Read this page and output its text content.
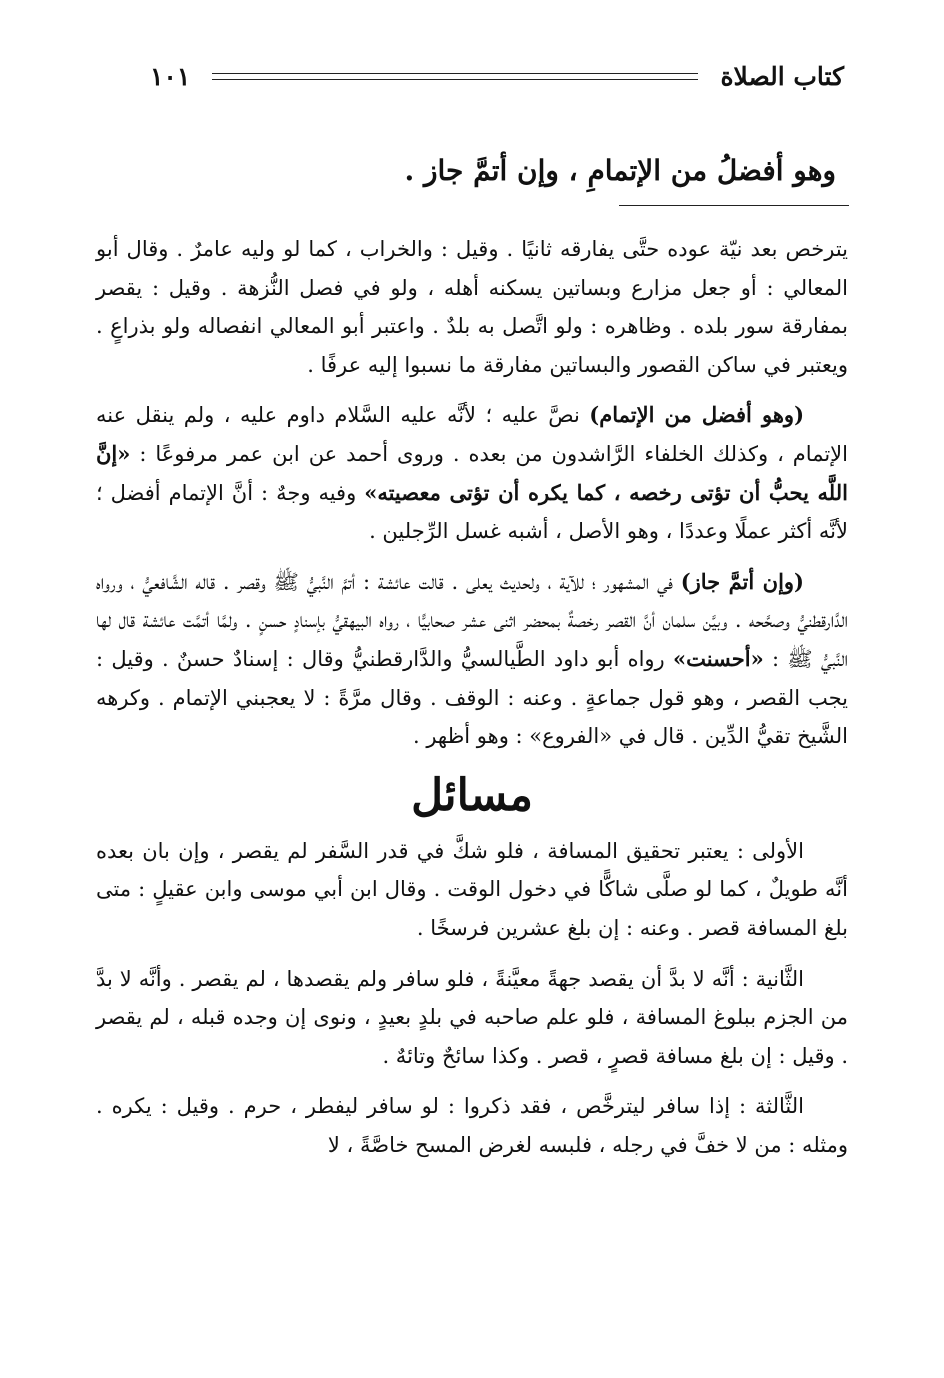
كتاب الصلاة
١٠١
وهو أفضلُ من الإتمامِ ، وإن أتمَّ جاز .

يترخص بعد نيّة عوده حتَّى يفارقه ثانيًا . وقيل : والخراب ، كما لو وليه عامرٌ . وقال أبو المعالي : أو جعل مزارع وبساتين يسكنه أهله ، ولو في فصل النُّزهة . وقيل : يقصر بمفارقة سور بلده . وظاهره : ولو اتَّصل به بلدٌ . واعتبر أبو المعالي انفصاله ولو بذراعٍ . ويعتبر في ساكن القصور والبساتين مفارقة ما نسبوا إليه عرفًا .

(وهو أفضل من الإتمام) نصَّ عليه ؛ لأنَّه عليه السَّلام داوم عليه ، ولم ينقل عنه الإتمام ، وكذلك الخلفاء الرَّاشدون من بعده . وروى أحمد عن ابن عمر مرفوعًا : «إنَّ اللَّه يحبُّ أن تؤتى رخصه ، كما يكره أن تؤتى معصيته» وفيه وجهٌ : أنَّ الإتمام أفضل ؛ لأنَّه أكثر عملًا وعددًا ، وهو الأصل ، أشبه غسل الرِّجلين .

(وإن أتمَّ جاز) في المشهور ؛ للآية ، ولحديث يعلى . قالت عائشة : أتمَّ النَّبيُّ ﷺ وقصر . قاله الشَّافعيُّ ، ورواه الدَّارقطنيُّ وصحَّحه . وبيَّن سلمان أنَّ القصر رخصةٌ بمحضر اثنى عشر صحابيًّا ، رواه البيهقيُّ بإسنادٍ حسنٍ . ولمَّا أتمَّت عائشة قال لها النَّبيُّ ﷺ : «أحسنت» رواه أبو داود الطَّيالسيُّ والدَّارقطنيُّ وقال : إسنادٌ حسنٌ . وقيل : يجب القصر ، وهو قول جماعةٍ . وعنه : الوقف . وقال مرَّةً : لا يعجبني الإتمام . وكرهه الشَّيخ تقيُّ الدِّين . قال في «الفروع» : وهو أظهر .

مسائل

الأولى : يعتبر تحقيق المسافة ، فلو شكَّ في قدر السَّفر لم يقصر ، وإن بان بعده أنَّه طويلٌ ، كما لو صلَّى شاكًّا في دخول الوقت . وقال ابن أبي موسى وابن عقيلٍ : متى بلغ المسافة قصر . وعنه : إن بلغ عشرين فرسخًا .

الثَّانية : أنَّه لا بدَّ أن يقصد جهةً معيَّنةً ، فلو سافر ولم يقصدها ، لم يقصر . وأنَّه لا بدَّ من الجزم ببلوغ المسافة ، فلو علم صاحبه في بلدٍ بعيدٍ ، ونوى إن وجده قبله ، لم يقصر . وقيل : إن بلغ مسافة قصرٍ ، قصر . وكذا سائحٌ وتائهٌ .

الثَّالثة : إذا سافر ليترخَّص ، فقد ذكروا : لو سافر ليفطر ، حرم . وقيل : يكره . ومثله : من لا خفَّ في رجله ، فلبسه لغرض المسح خاصَّةً ، لا
